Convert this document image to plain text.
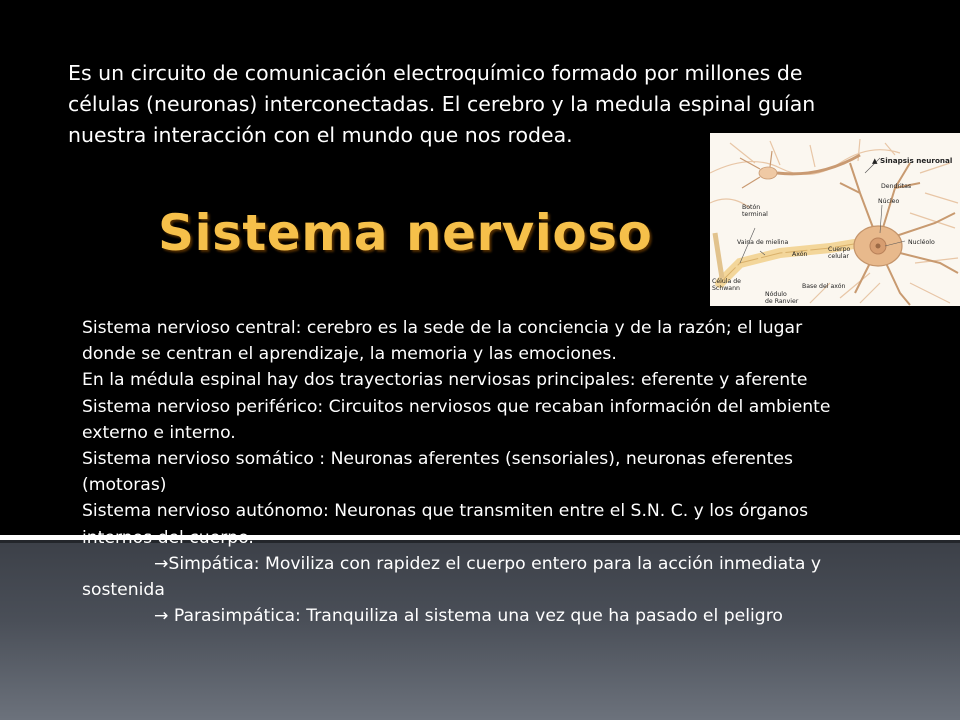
Es un circuito de comunicación electroquímico formado por millones de
células (neuronas) interconectadas. El cerebro y la medula espinal guían
nuestra interacción con el mundo que nos rodea.

Sistema nervioso
▲ Sinapsis neuronal
Dendritas
Núcleo
Botón
terminal
Vaina de mielina
Axón
Cuerpo
celular
Nucléolo
Célula de
Schwann
Nódulo
de Ranvier
Base del axón

Sistema nervioso central: cerebro es la sede de la conciencia y de la razón; el lugar donde se centran el aprendizaje, la memoria y las emociones.

En la médula espinal hay dos trayectorias nerviosas principales: eferente y aferente

Sistema nervioso periférico: Circuitos nerviosos que recaban información del ambiente externo e interno.

Sistema nervioso somático : Neuronas aferentes (sensoriales), neuronas eferentes (motoras)

Sistema nervioso autónomo: Neuronas que transmiten entre el S.N. C. y los órganos internos del cuerpo.

→Simpática: Moviliza con rapidez el cuerpo entero para la acción inmediata y sostenida

→ Parasimpática: Tranquiliza al sistema una vez que ha pasado el peligro
